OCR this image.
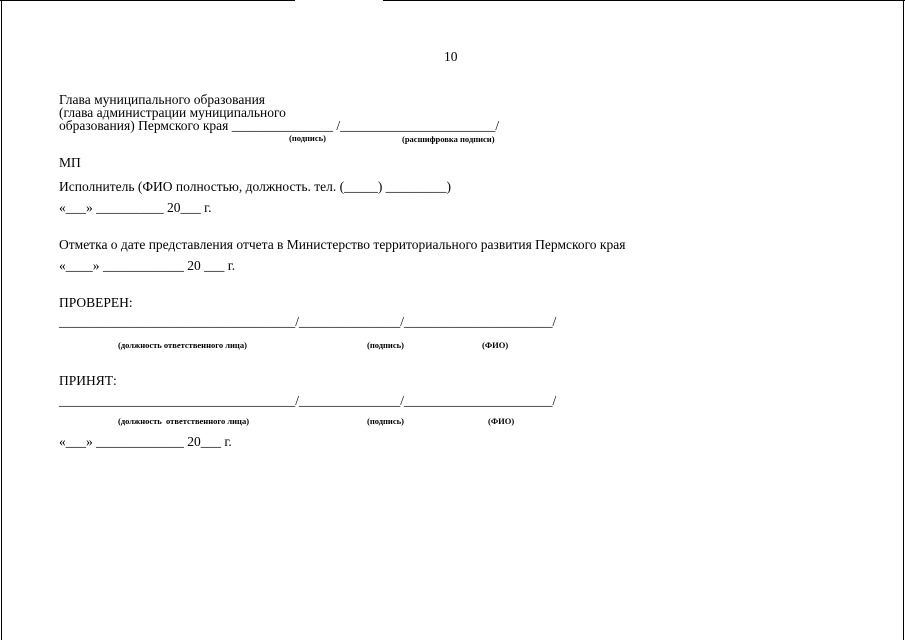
10
Глава муниципального образования
(глава администрации муниципального
образования) Пермского края _______________ /_______________________/
(подпись)	(расшифровка подписи)
МП
Исполнитель (ФИО полностью, должность. тел. (_____) _________)
«___» __________ 20___ г.
Отметка о дате представления отчета в Министерство территориального развития Пермского края
«____» ____________ 20 ___ г.
ПРОВЕРЕН:
___________________________________/_______________/______________________/
(должность ответственного лица)	(подпись)	(ФИО)
ПРИНЯТ:
___________________________________/_______________/______________________/
(должность  ответственного лица)	(подпись)	(ФИО)
«___» _____________ 20___ г.
